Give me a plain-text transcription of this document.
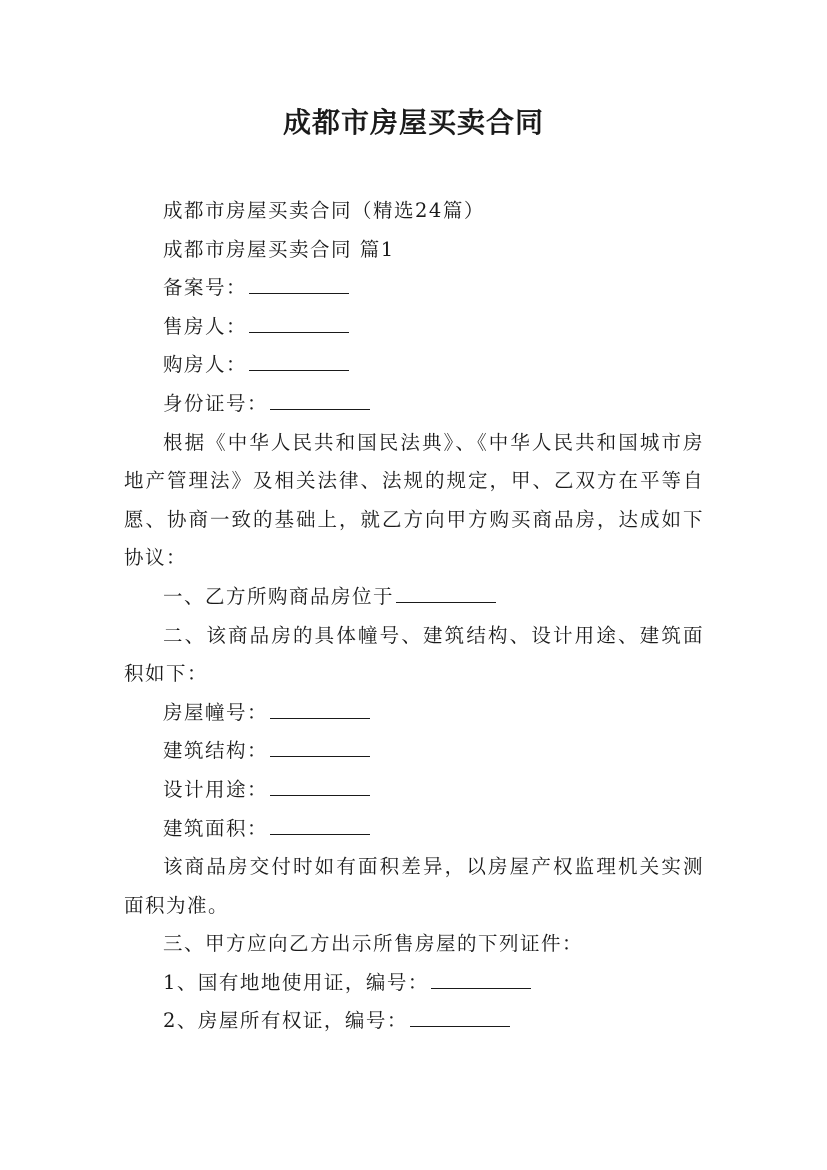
成都市房屋买卖合同

成都市房屋买卖合同（精选24篇）

成都市房屋买卖合同 篇1

备案号：

售房人：

购房人：

身份证号：

根据《中华人民共和国民法典》、《中华人民共和国城市房地产管理法》及相关法律、法规的规定，甲、乙双方在平等自愿、协商一致的基础上，就乙方向甲方购买商品房，达成如下协议：

一、乙方所购商品房位于

二、该商品房的具体幢号、建筑结构、设计用途、建筑面积如下：

房屋幢号：

建筑结构：

设计用途：

建筑面积：

该商品房交付时如有面积差异，以房屋产权监理机关实测面积为准。

三、甲方应向乙方出示所售房屋的下列证件：

1、国有地地使用证，编号：

2、房屋所有权证，编号：
